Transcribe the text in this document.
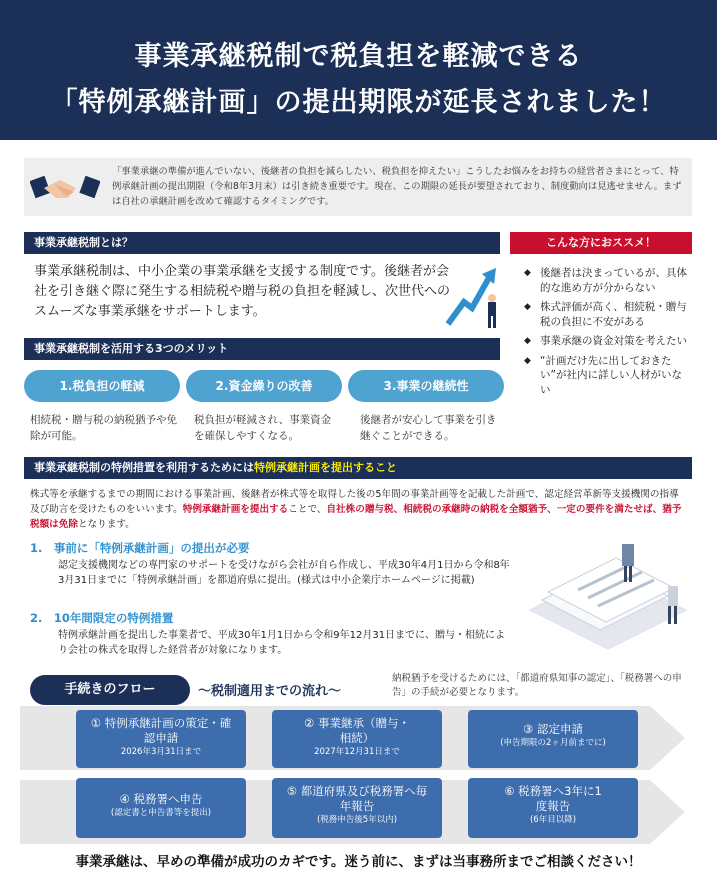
事業承継税制で税負担を軽減できる
「特例承継計画」の提出期限が延長されました！
「事業承継の準備が進んでいない、後継者の負担を減らしたい、税負担を抑えたい」こうしたお悩みをお持ちの経営者さまにとって、特例承継計画の提出期限（令和8年3月末）は引き続き重要です。現在、この期限の延長が要望されており、制度動向は見逃せません。まずは自社の承継計画を改めて確認するタイミングです。
事業承継税制とは？
事業承継税制は、中小企業の事業承継を支援する制度です。後継者が会社を引き継ぐ際に発生する相続税や贈与税の負担を軽減し、次世代へのスムーズな事業承継をサポートします。
こんな方におススメ！
◆ 後継者は決まっているが、具体的な進め方が分からない
◆ 株式評価が高く、相続税・贈与税の負担に不安がある
◆ 事業承継の資金対策を考えたい
◆ “計画だけ先に出しておきたい”が社内に詳しい人材がいない
事業承継税制を活用する3つのメリット
1.税負担の軽減	2.資金繰りの改善	3.事業の継続性
相続税・贈与税の納税猶予や免除が可能。
税負担が軽減され、事業資金を確保しやすくなる。
後継者が安心して事業を引き継ぐことができる。
事業承継税制の特例措置を利用するためには特例承継計画を提出すること
株式等を承継するまでの期間における事業計画、後継者が株式等を取得した後の5年間の事業計画等を記載した計画で、認定経営革新等支援機関の指導及び助言を受けたものをいいます。特例承継計画を提出することで、自社株の贈与税、相続税の承継時の納税を全額猶予、一定の要件を満たせば、猶予税額は免除となります。
1.　事前に「特例承継計画」の提出が必要
認定支援機関などの専門家のサポートを受けながら会社が自ら作成し、平成30年4月1日から令和8年3月31日までに「特例承継計画」を都道府県に提出。(様式は中小企業庁ホームページに掲載)
2.　10年間限定の特例措置
特例承継計画を提出した事業者で、平成30年1月1日から令和9年12月31日までに、贈与・相続により会社の株式を取得した経営者が対象になります。
手続きのフロー	～税制適用までの流れ～
納税猶予を受けるためには、「都道府県知事の認定」、「税務署への申告」の手続が必要となります。
① 特例承継計画の策定・確認申請
2026年3月31日まで
② 事業継承（贈与・相続）
2027年12月31日まで
③ 認定申請
(申告期限の2ヶ月前までに)
④ 税務署へ申告
(認定書と申告書等を提出)
⑤ 都道府県及び税務署へ毎年報告
(税務申告後5年以内)
⑥ 税務署へ3年に1度報告
(6年目以降)
事業承継は、早めの準備が成功のカギです。迷う前に、まずは当事務所までご相談ください！
